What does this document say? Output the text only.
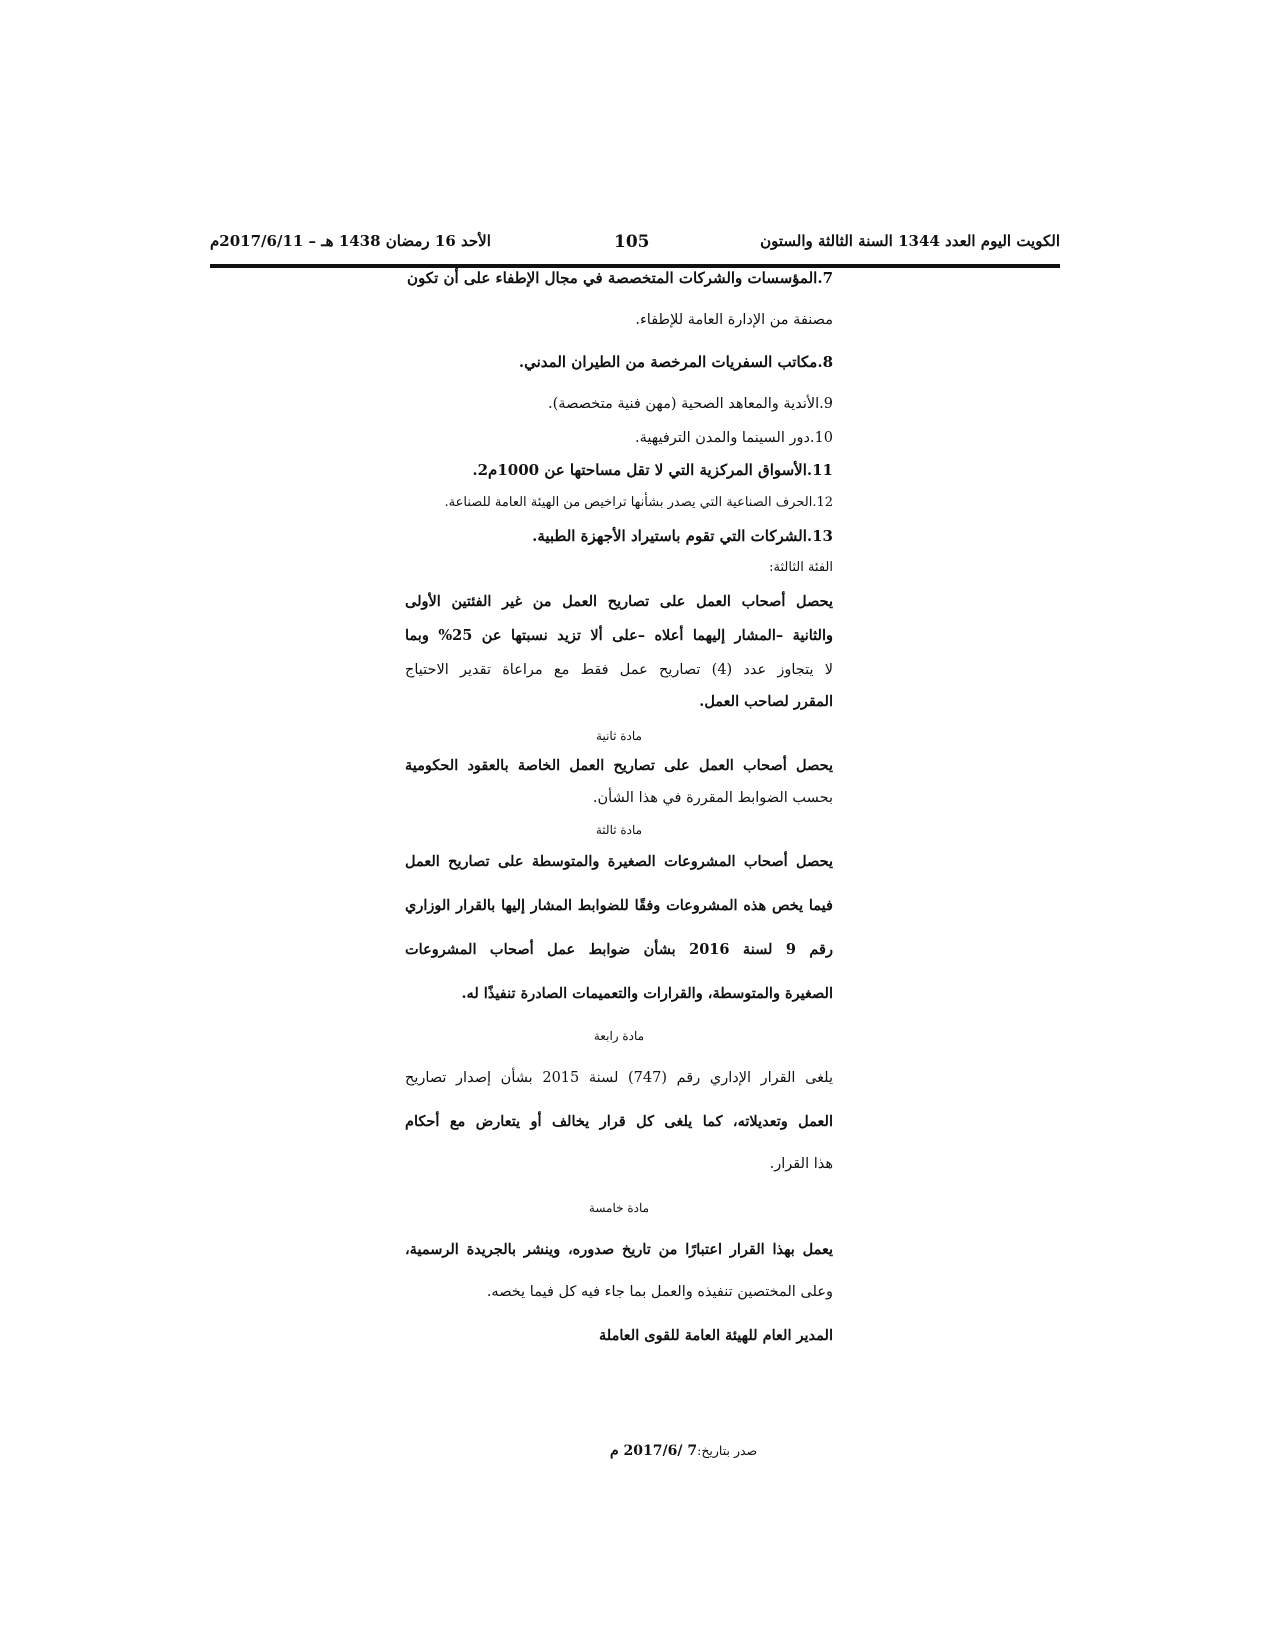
الكويت اليوم العدد 1344 السنة الثالثة والستون
105
الأحد 16 رمضان 1438 هـ – 2017/6/11م
7.المؤسسات والشركات المتخصصة في مجال الإطفاء على أن تكون
مصنفة من الإدارة العامة للإطفاء.
8.مكاتب السفريات المرخصة من الطيران المدني.
9.الأندية والمعاهد الصحية (مهن فنية متخصصة).
10.دور السينما والمدن الترفيهية.
11.الأسواق المركزية التي لا تقل مساحتها عن 1000م2.
12.الحرف الصناعية التي يصدر بشأنها تراخيص من الهيئة العامة للصناعة.
13.الشركات التي تقوم باستيراد الأجهزة الطبية.
الفئة الثالثة:
يحصل أصحاب العمل على تصاريح العمل من غير الفئتين الأولى
والثانية –المشار إليهما أعلاه –على ألا تزيد نسبتها عن 25% وبما
لا يتجاوز عدد (4) تصاريح عمل فقط مع مراعاة تقدير الاحتياج
المقرر لصاحب العمل.
مادة ثانية
يحصل أصحاب العمل على تصاريح العمل الخاصة بالعقود الحكومية
بحسب الضوابط المقررة في هذا الشأن.
مادة ثالثة
يحصل أصحاب المشروعات الصغيرة والمتوسطة على تصاريح العمل
فيما يخص هذه المشروعات وفقًا للضوابط المشار إليها بالقرار الوزاري
رقم 9 لسنة 2016 بشأن ضوابط عمل أصحاب المشروعات
الصغيرة والمتوسطة، والقرارات والتعميمات الصادرة تنفيذًا له.
مادة رابعة
يلغى القرار الإداري رقم (747) لسنة 2015 بشأن إصدار تصاريح
العمل وتعديلاته، كما يلغى كل قرار يخالف أو يتعارض مع أحكام
هذا القرار.
مادة خامسة
يعمل بهذا القرار اعتبارًا من تاريخ صدوره، وينشر بالجريدة الرسمية،
وعلى المختصين تنفيذه والعمل بما جاء فيه كل فيما يخصه.
المدير العام للهيئة العامة للقوى العاملة
صدر بتاريخ:7 /2017/6 م
